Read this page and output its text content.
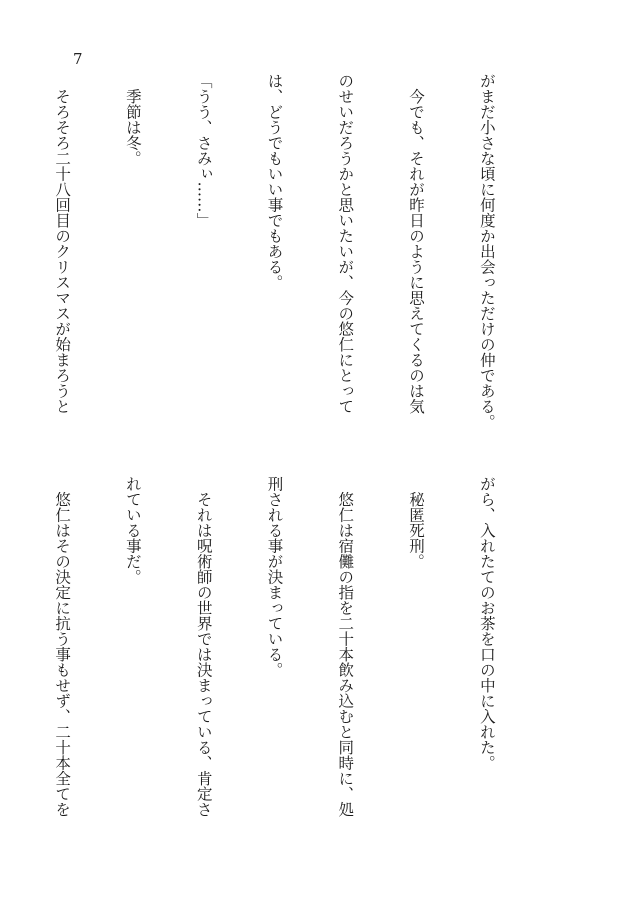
7

がまだ小さな頃に何度か出会っただけの仲である。

　今でも、それが昨日のように思えてくるのは気

のせいだろうかと思いたいが、今の悠仁にとって

は、どうでもいい事でもある。

「うう、さみぃ……」

　季節は冬。

　そろそろ二十八回目のクリスマスが始まろうと

がら、入れたてのお茶を口の中に入れた。

　秘匿死刑。

　悠仁は宿儺の指を二十本飲み込むと同時に、処

刑される事が決まっている。

　それは呪術師の世界では決まっている、肯定さ

れている事だ。

　悠仁はその決定に抗う事もせず、二十本全てを
